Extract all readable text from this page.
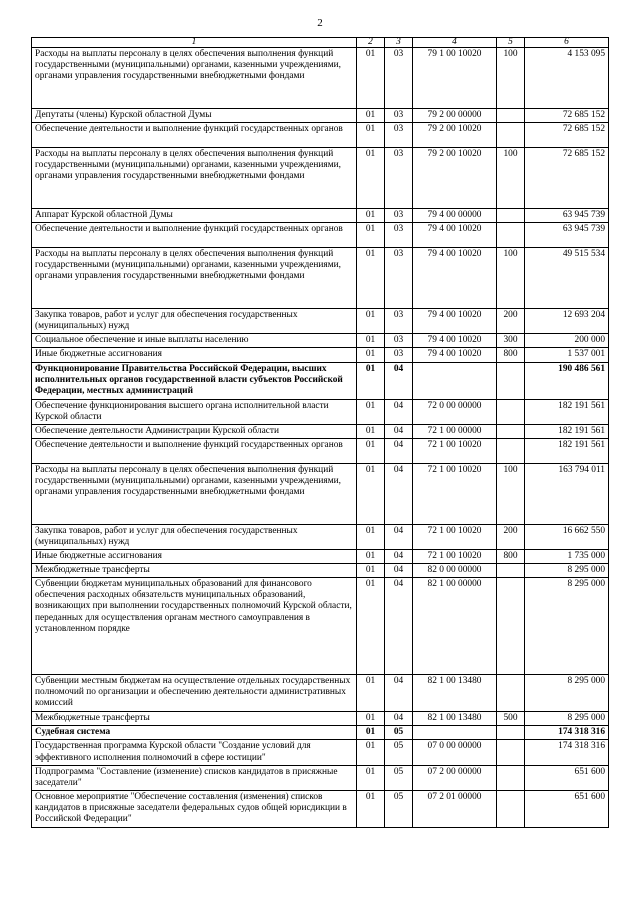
2
1	2	3	4	5	6
Расходы на выплаты персоналу в целях обеспечения выполнения функций государственными (муниципальными) органами, казенными учреждениями, органами управления государственными внебюджетными фондами	01	03	79 1 00 10020	100	4 153 095
Депутаты (члены) Курской областной Думы	01	03	79 2 00 00000		72 685 152
Обеспечение деятельности и выполнение функций государственных органов	01	03	79 2 00 10020		72 685 152
Расходы на выплаты персоналу в целях обеспечения выполнения функций государственными (муниципальными) органами, казенными учреждениями, органами управления государственными внебюджетными фондами	01	03	79 2 00 10020	100	72 685 152
Аппарат Курской областной Думы	01	03	79 4 00 00000		63 945 739
Обеспечение деятельности и выполнение функций государственных органов	01	03	79 4 00 10020		63 945 739
Расходы на выплаты персоналу в целях обеспечения выполнения функций государственными (муниципальными) органами, казенными учреждениями, органами управления государственными внебюджетными фондами	01	03	79 4 00 10020	100	49 515 534
Закупка товаров, работ и услуг для обеспечения государственных (муниципальных) нужд	01	03	79 4 00 10020	200	12 693 204
Социальное обеспечение и иные выплаты населению	01	03	79 4 00 10020	300	200 000
Иные бюджетные ассигнования	01	03	79 4 00 10020	800	1 537 001
Функционирование Правительства Российской Федерации, высших исполнительных органов государственной власти субъектов Российской Федерации, местных администраций	01	04			190 486 561
Обеспечение функционирования высшего органа исполнительной власти Курской области	01	04	72 0 00 00000		182 191 561
Обеспечение деятельности Администрации Курской области	01	04	72 1 00 00000		182 191 561
Обеспечение деятельности и выполнение функций государственных органов	01	04	72 1 00 10020		182 191 561
Расходы на выплаты персоналу в целях обеспечения выполнения функций государственными (муниципальными) органами, казенными учреждениями, органами управления государственными внебюджетными фондами	01	04	72 1 00 10020	100	163 794 011
Закупка товаров, работ и услуг для обеспечения государственных (муниципальных) нужд	01	04	72 1 00 10020	200	16 662 550
Иные бюджетные ассигнования	01	04	72 1 00 10020	800	1 735 000
Межбюджетные трансферты	01	04	82 0 00 00000		8 295 000
Субвенции бюджетам муниципальных образований для финансового обеспечения расходных обязательств муниципальных образований, возникающих при выполнении государственных полномочий Курской области, переданных для осуществления органам местного самоуправления в установленном порядке	01	04	82 1 00 00000		8 295 000
Субвенции местным бюджетам на осуществление отдельных государственных полномочий по организации и обеспечению деятельности административных комиссий	01	04	82 1 00 13480		8 295 000
Межбюджетные трансферты	01	04	82 1 00 13480	500	8 295 000
Судебная система	01	05			174 318 316
Государственная программа Курской области "Создание условий для эффективного исполнения полномочий в сфере юстиции"	01	05	07 0 00 00000		174 318 316
Подпрограмма "Составление (изменение) списков кандидатов в присяжные заседатели"	01	05	07 2 00 00000		651 600
Основное мероприятие "Обеспечение составления (изменения) списков кандидатов в присяжные заседатели федеральных судов общей юрисдикции в Российской Федерации"	01	05	07 2 01 00000		651 600
